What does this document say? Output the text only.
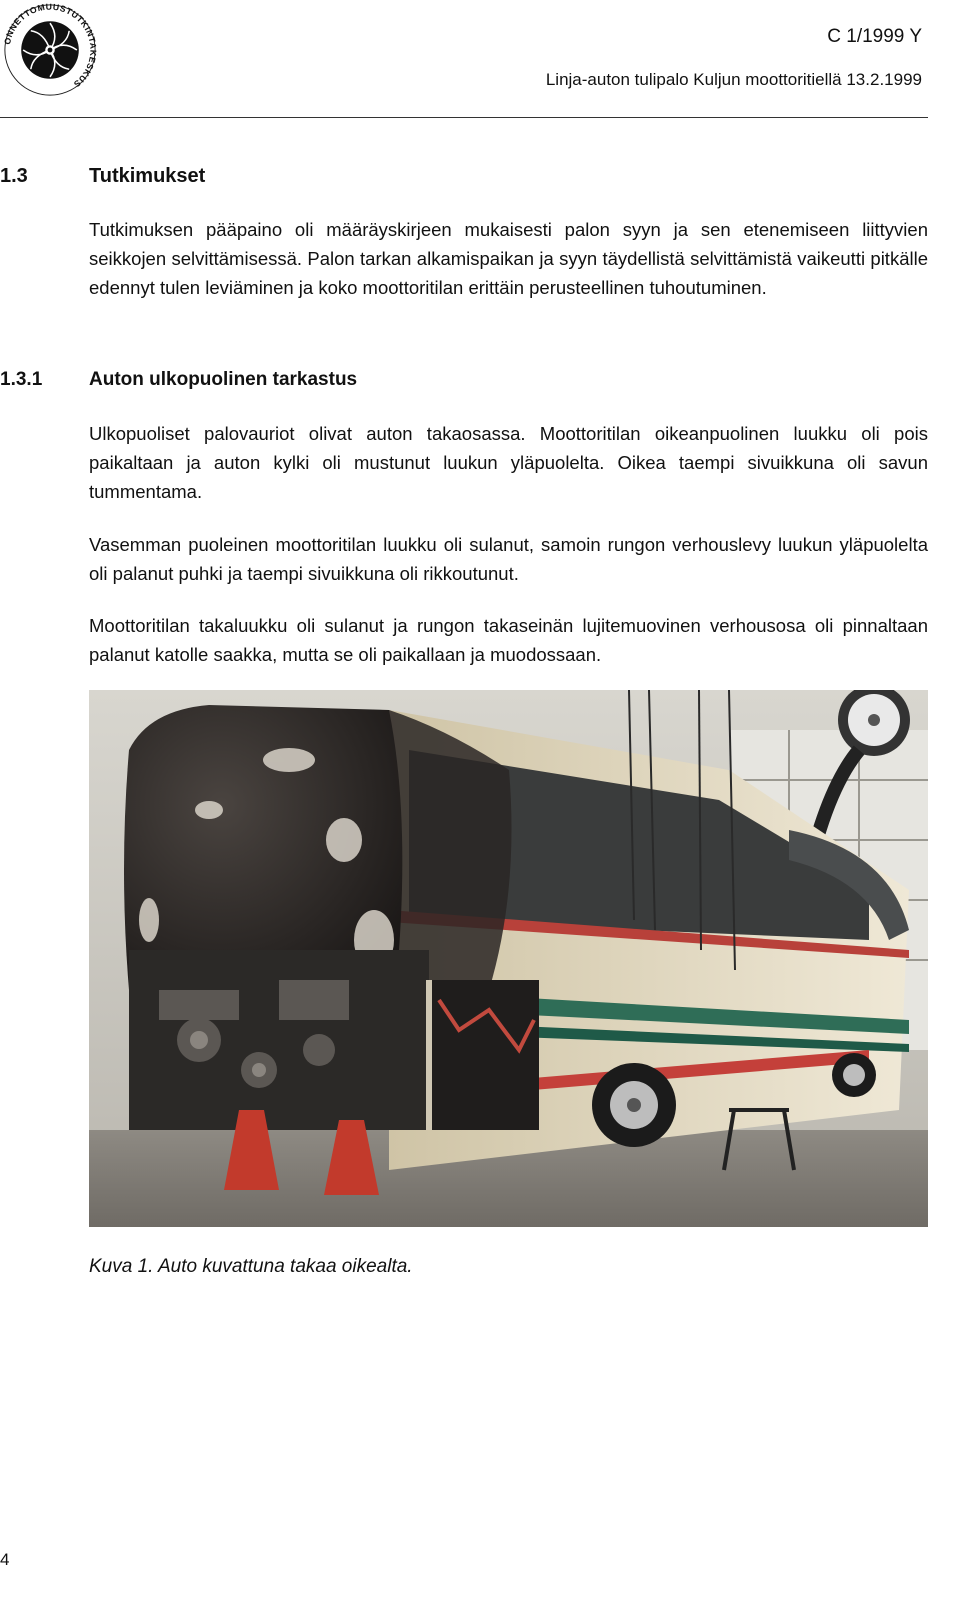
ONNETTOMUUSTUTKINTAKESKUS
C 1/1999 Y
Linja-auton tulipalo Kuljun moottoritiellä 13.2.1999
1.3	Tutkimukset

Tutkimuksen pääpaino oli määräyskirjeen mukaisesti palon syyn ja sen etenemiseen liittyvien seikkojen selvittämisessä. Palon tarkan alkamispaikan ja syyn täydellistä selvittämistä vaikeutti pitkälle edennyt tulen leviäminen ja koko moottoritilan erittäin perusteellinen tuhoutuminen.

1.3.1 Auton ulkopuolinen tarkastus

Ulkopuoliset palovauriot olivat auton takaosassa. Moottoritilan oikeanpuolinen luukku oli pois paikaltaan ja auton kylki oli mustunut luukun yläpuolelta. Oikea taempi sivuikkuna oli savun tummentama.

Vasemman puoleinen moottoritilan luukku oli sulanut, samoin rungon verhouslevy luukun yläpuolelta oli palanut puhki ja taempi sivuikkuna oli rikkoutunut.

Moottoritilan takaluukku oli sulanut ja rungon takaseinän lujitemuovinen verhousosa oli pinnaltaan palanut katolle saakka, mutta se oli paikallaan ja muodossaan.

Kuva 1. Auto kuvattuna takaa oikealta.
4
